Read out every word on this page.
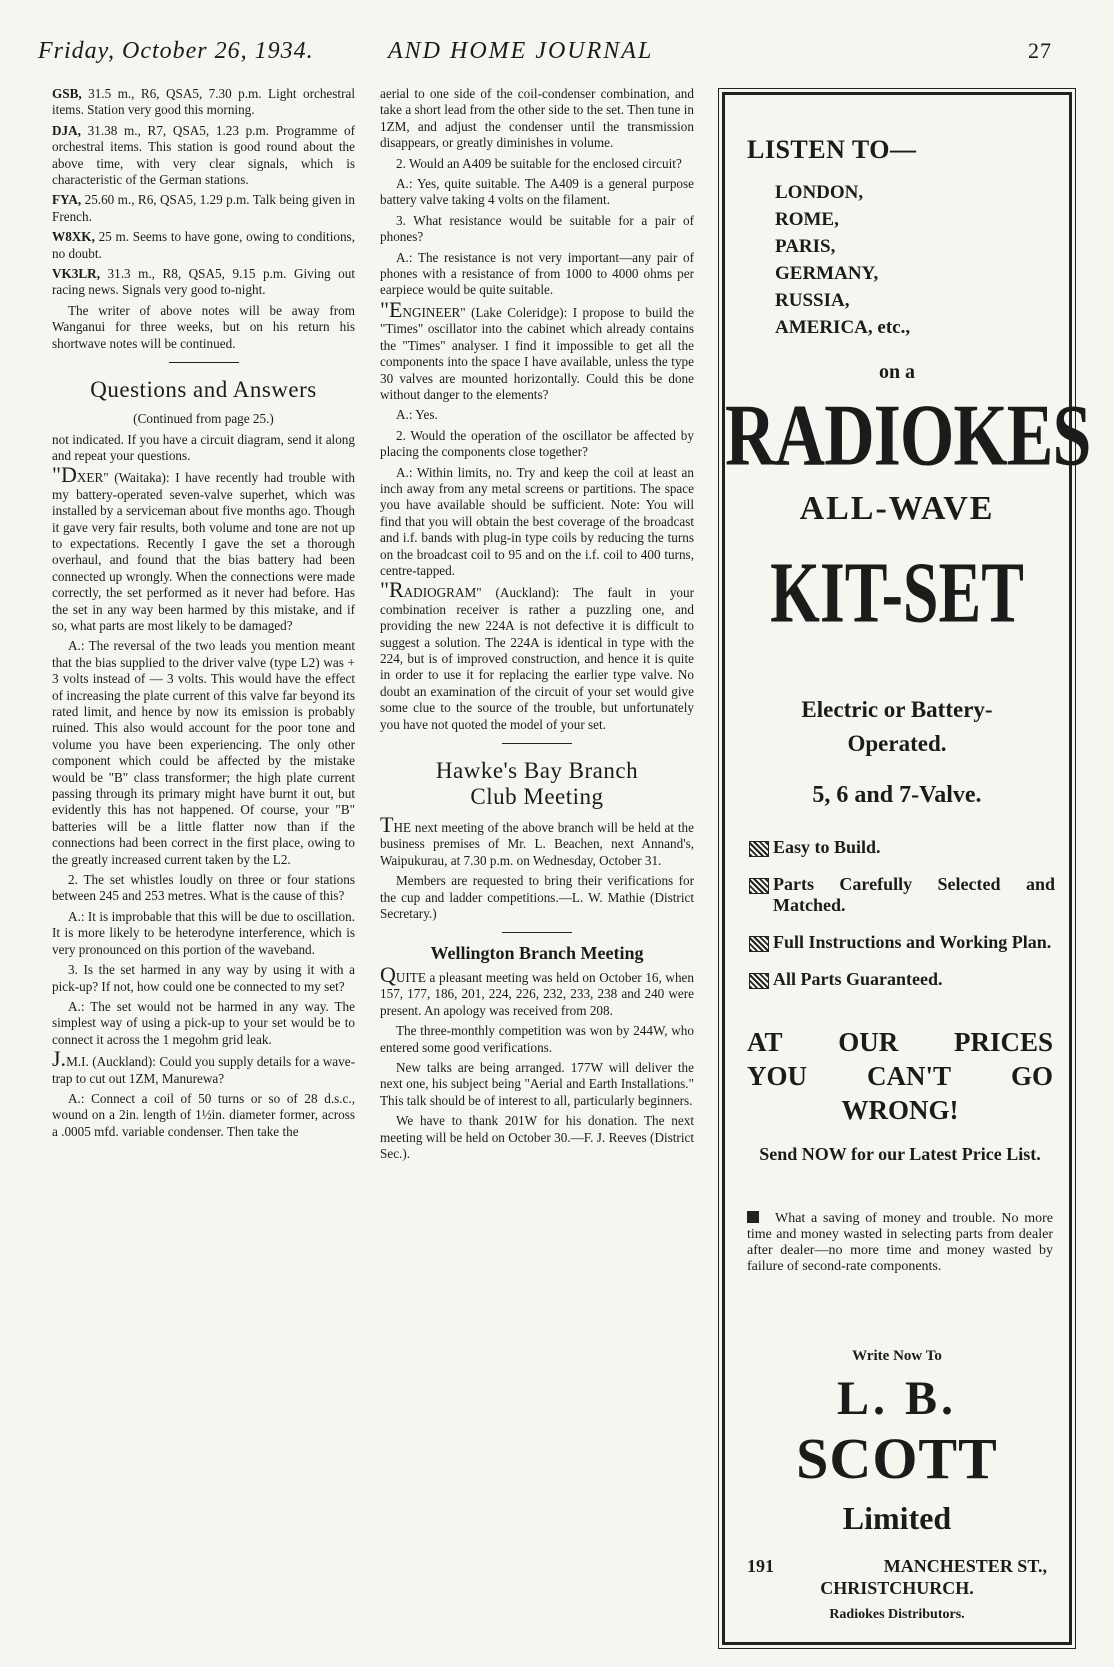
Friday, October 26, 1934.	AND HOME JOURNAL	27

GSB, 31.5 m., R6, QSA5, 7.30 p.m. Light orchestral items. Station very good this morning.

DJA, 31.38 m., R7, QSA5, 1.23 p.m. Programme of orchestral items. This station is good round about the above time, with very clear signals, which is characteristic of the German stations.

FYA, 25.60 m., R6, QSA5, 1.29 p.m. Talk being given in French.

W8XK, 25 m. Seems to have gone, owing to conditions, no doubt.

VK3LR, 31.3 m., R8, QSA5, 9.15 p.m. Giving out racing news. Signals very good to-night.

The writer of above notes will be away from Wanganui for three weeks, but on his return his shortwave notes will be continued.

Questions and Answers

(Continued from page 25.)

not indicated. If you have a circuit diagram, send it along and repeat your questions.

"DXER" (Waitaka): I have recently had trouble with my battery-operated seven-valve superhet, which was installed by a serviceman about five months ago. Though it gave very fair results, both volume and tone are not up to expectations. Recently I gave the set a thorough overhaul, and found that the bias battery had been connected up wrongly. When the connections were made correctly, the set performed as it never had before. Has the set in any way been harmed by this mistake, and if so, what parts are most likely to be damaged?

A.: The reversal of the two leads you mention meant that the bias supplied to the driver valve (type L2) was + 3 volts instead of — 3 volts. This would have the effect of increasing the plate current of this valve far beyond its rated limit, and hence by now its emission is probably ruined. This also would account for the poor tone and volume you have been experiencing. The only other component which could be affected by the mistake would be "B" class transformer; the high plate current passing through its primary might have burnt it out, but evidently this has not happened. Of course, your "B" batteries will be a little flatter now than if the connections had been correct in the first place, owing to the greatly increased current taken by the L2.

2. The set whistles loudly on three or four stations between 245 and 253 metres. What is the cause of this?

A.: It is improbable that this will be due to oscillation. It is more likely to be heterodyne interference, which is very pronounced on this portion of the waveband.

3. Is the set harmed in any way by using it with a pick-up? If not, how could one be connected to my set?

A.: The set would not be harmed in any way. The simplest way of using a pick-up to your set would be to connect it across the 1 megohm grid leak.

J.M.I. (Auckland): Could you supply details for a wave-trap to cut out 1ZM, Manurewa?

A.: Connect a coil of 50 turns or so of 28 d.s.c., wound on a 2in. length of 1½in. diameter former, across a .0005 mfd. variable condenser. Then take the

aerial to one side of the coil-condenser combination, and take a short lead from the other side to the set. Then tune in 1ZM, and adjust the condenser until the transmission disappears, or greatly diminishes in volume.

2. Would an A409 be suitable for the enclosed circuit?

A.: Yes, quite suitable. The A409 is a general purpose battery valve taking 4 volts on the filament.

3. What resistance would be suitable for a pair of phones?

A.: The resistance is not very important—any pair of phones with a resistance of from 1000 to 4000 ohms per earpiece would be quite suitable.

"ENGINEER" (Lake Coleridge): I propose to build the "Times" oscillator into the cabinet which already contains the "Times" analyser. I find it impossible to get all the components into the space I have available, unless the type 30 valves are mounted horizontally. Could this be done without danger to the elements?

A.: Yes.

2. Would the operation of the oscillator be affected by placing the components close together?

A.: Within limits, no. Try and keep the coil at least an inch away from any metal screens or partitions. The space you have available should be sufficient. Note: You will find that you will obtain the best coverage of the broadcast and i.f. bands with plug-in type coils by reducing the turns on the broadcast coil to 95 and on the i.f. coil to 400 turns, centre-tapped.

"RADIOGRAM" (Auckland): The fault in your combination receiver is rather a puzzling one, and providing the new 224A is not defective it is difficult to suggest a solution. The 224A is identical in type with the 224, but is of improved construction, and hence it is quite in order to use it for replacing the earlier type valve. No doubt an examination of the circuit of your set would give some clue to the source of the trouble, but unfortunately you have not quoted the model of your set.

Hawke's Bay Branch
Club Meeting

THE next meeting of the above branch will be held at the business premises of Mr. L. Beachen, next Annand's, Waipukurau, at 7.30 p.m. on Wednesday, October 31.

Members are requested to bring their verifications for the cup and ladder competitions.—L. W. Mathie (District Secretary.)

Wellington Branch Meeting

QUITE a pleasant meeting was held on October 16, when 157, 177, 186, 201, 224, 226, 232, 233, 238 and 240 were present. An apology was received from 208.

The three-monthly competition was won by 244W, who entered some good verifications.

New talks are being arranged. 177W will deliver the next one, his subject being "Aerial and Earth Installations." This talk should be of interest to all, particularly beginners.

We have to thank 201W for his donation. The next meeting will be held on October 30.—F. J. Reeves (District Sec.).

LISTEN TO—
LONDON,
ROME,
PARIS,
GERMANY,
RUSSIA,
AMERICA, etc.,
on a
RADIOKES
ALL-WAVE
KIT-SET
Electric or Battery-
Operated.
5, 6 and 7-Valve.
Easy to Build.
Parts Carefully Selected and Matched.
Full Instructions and Working Plan.
All Parts Guaranteed.
AT OUR PRICES
YOU CAN'T GO
WRONG!
Send NOW for our Latest Price List.
What a saving of money and trouble. No more time and money wasted in selecting parts from dealer after dealer—no more time and money wasted by failure of second-rate components.
Write Now To
L. B.
SCOTT
Limited
191	MANCHESTER ST.,
CHRISTCHURCH.
Radiokes Distributors.
